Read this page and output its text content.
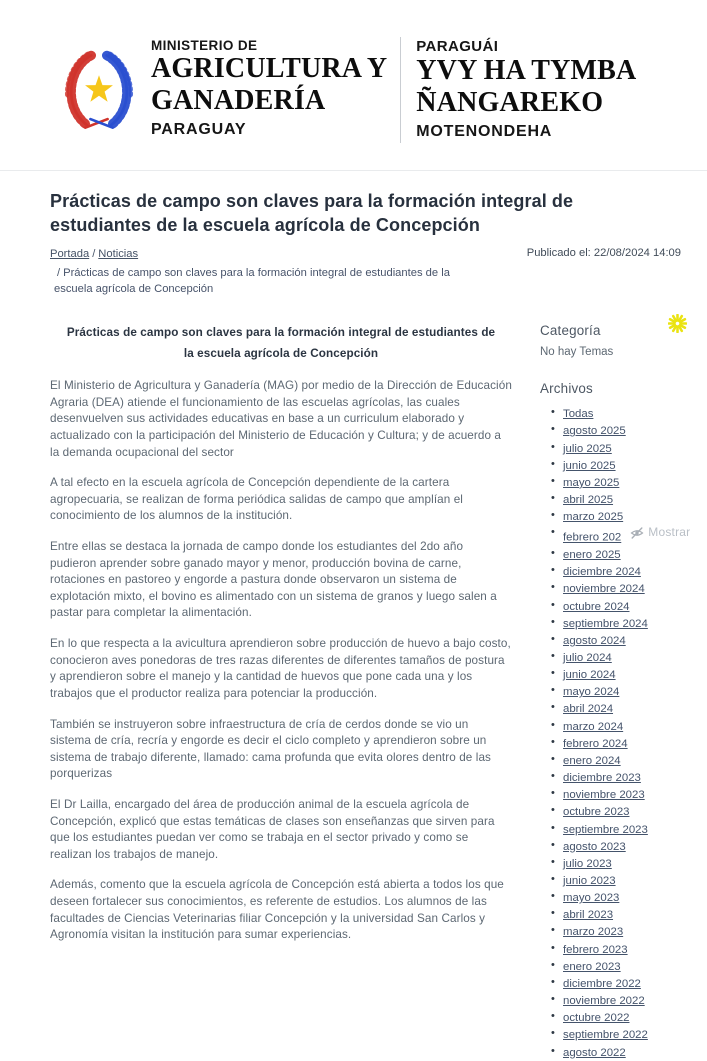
MINISTERIO DE
AGRICULTURA Y
GANADERÍA
PARAGUAY
PARAGUÁI
YVY HA TYMBA
ÑANGAREKO
MOTENONDEHA
Prácticas de campo son claves para la formación integral de estudiantes de la escuela agrícola de Concepción
Portada / Noticias
/ Prácticas de campo son claves para la formación integral de estudiantes de la escuela agrícola de Concepción
Publicado el: 22/08/2024 14:09
Prácticas de campo son claves para la formación integral de estudiantes de la escuela agrícola de Concepción

El Ministerio de Agricultura y Ganadería (MAG) por medio de la Dirección de Educación Agraria (DEA) atiende el funcionamiento de las escuelas agrícolas, las cuales desenvuelven sus actividades educativas en base a un curriculum elaborado y actualizado con la participación del Ministerio de Educación y Cultura; y de acuerdo a la demanda ocupacional del sector

A tal efecto en la escuela agrícola de Concepción dependiente de la cartera agropecuaria, se realizan de forma periódica salidas de campo que amplían el conocimiento de los alumnos de la institución.

Entre ellas se destaca la jornada de campo donde los estudiantes del 2do año pudieron aprender sobre ganado mayor y menor, producción bovina de carne, rotaciones en pastoreo y engorde a pastura donde observaron un sistema de explotación mixto, el bovino es alimentado con un sistema de granos y luego salen a pastar para completar la alimentación.

En lo que respecta a la avicultura aprendieron sobre producción de huevo a bajo costo, conocieron aves ponedoras de tres razas diferentes de diferentes tamaños de postura y aprendieron sobre el manejo y la cantidad de huevos que pone cada una y los trabajos que el productor realiza para potenciar la producción.

También se instruyeron sobre infraestructura de cría de cerdos donde se vio un sistema de cría, recría y engorde es decir el ciclo completo y aprendieron sobre un sistema de trabajo diferente, llamado: cama profunda que evita olores dentro de las porquerizas

El Dr Lailla, encargado del área de producción animal de la escuela agrícola de Concepción, explicó que estas temáticas de clases son enseñanzas que sirven para que los estudiantes puedan ver como se trabaja en el sector privado y como se realizan los trabajos de manejo.

Además, comento que la escuela agrícola de Concepción está abierta a todos los que deseen fortalecer sus conocimientos, es referente de estudios. Los alumnos de las facultades de Ciencias Veterinarias filiar Concepción y la universidad San Carlos y Agronomía visitan la institución para sumar experiencias.

Categoría
No hay Temas
Archivos
• Todas
• agosto 2025
• julio 2025
• junio 2025
• mayo 2025
• abril 2025
• marzo 2025
• febrero 202 Mostrar
• enero 2025
• diciembre 2024
• noviembre 2024
• octubre 2024
• septiembre 2024
• agosto 2024
• julio 2024
• junio 2024
• mayo 2024
• abril 2024
• marzo 2024
• febrero 2024
• enero 2024
• diciembre 2023
• noviembre 2023
• octubre 2023
• septiembre 2023
• agosto 2023
• julio 2023
• junio 2023
• mayo 2023
• abril 2023
• marzo 2023
• febrero 2023
• enero 2023
• diciembre 2022
• noviembre 2022
• octubre 2022
• septiembre 2022
• agosto 2022
